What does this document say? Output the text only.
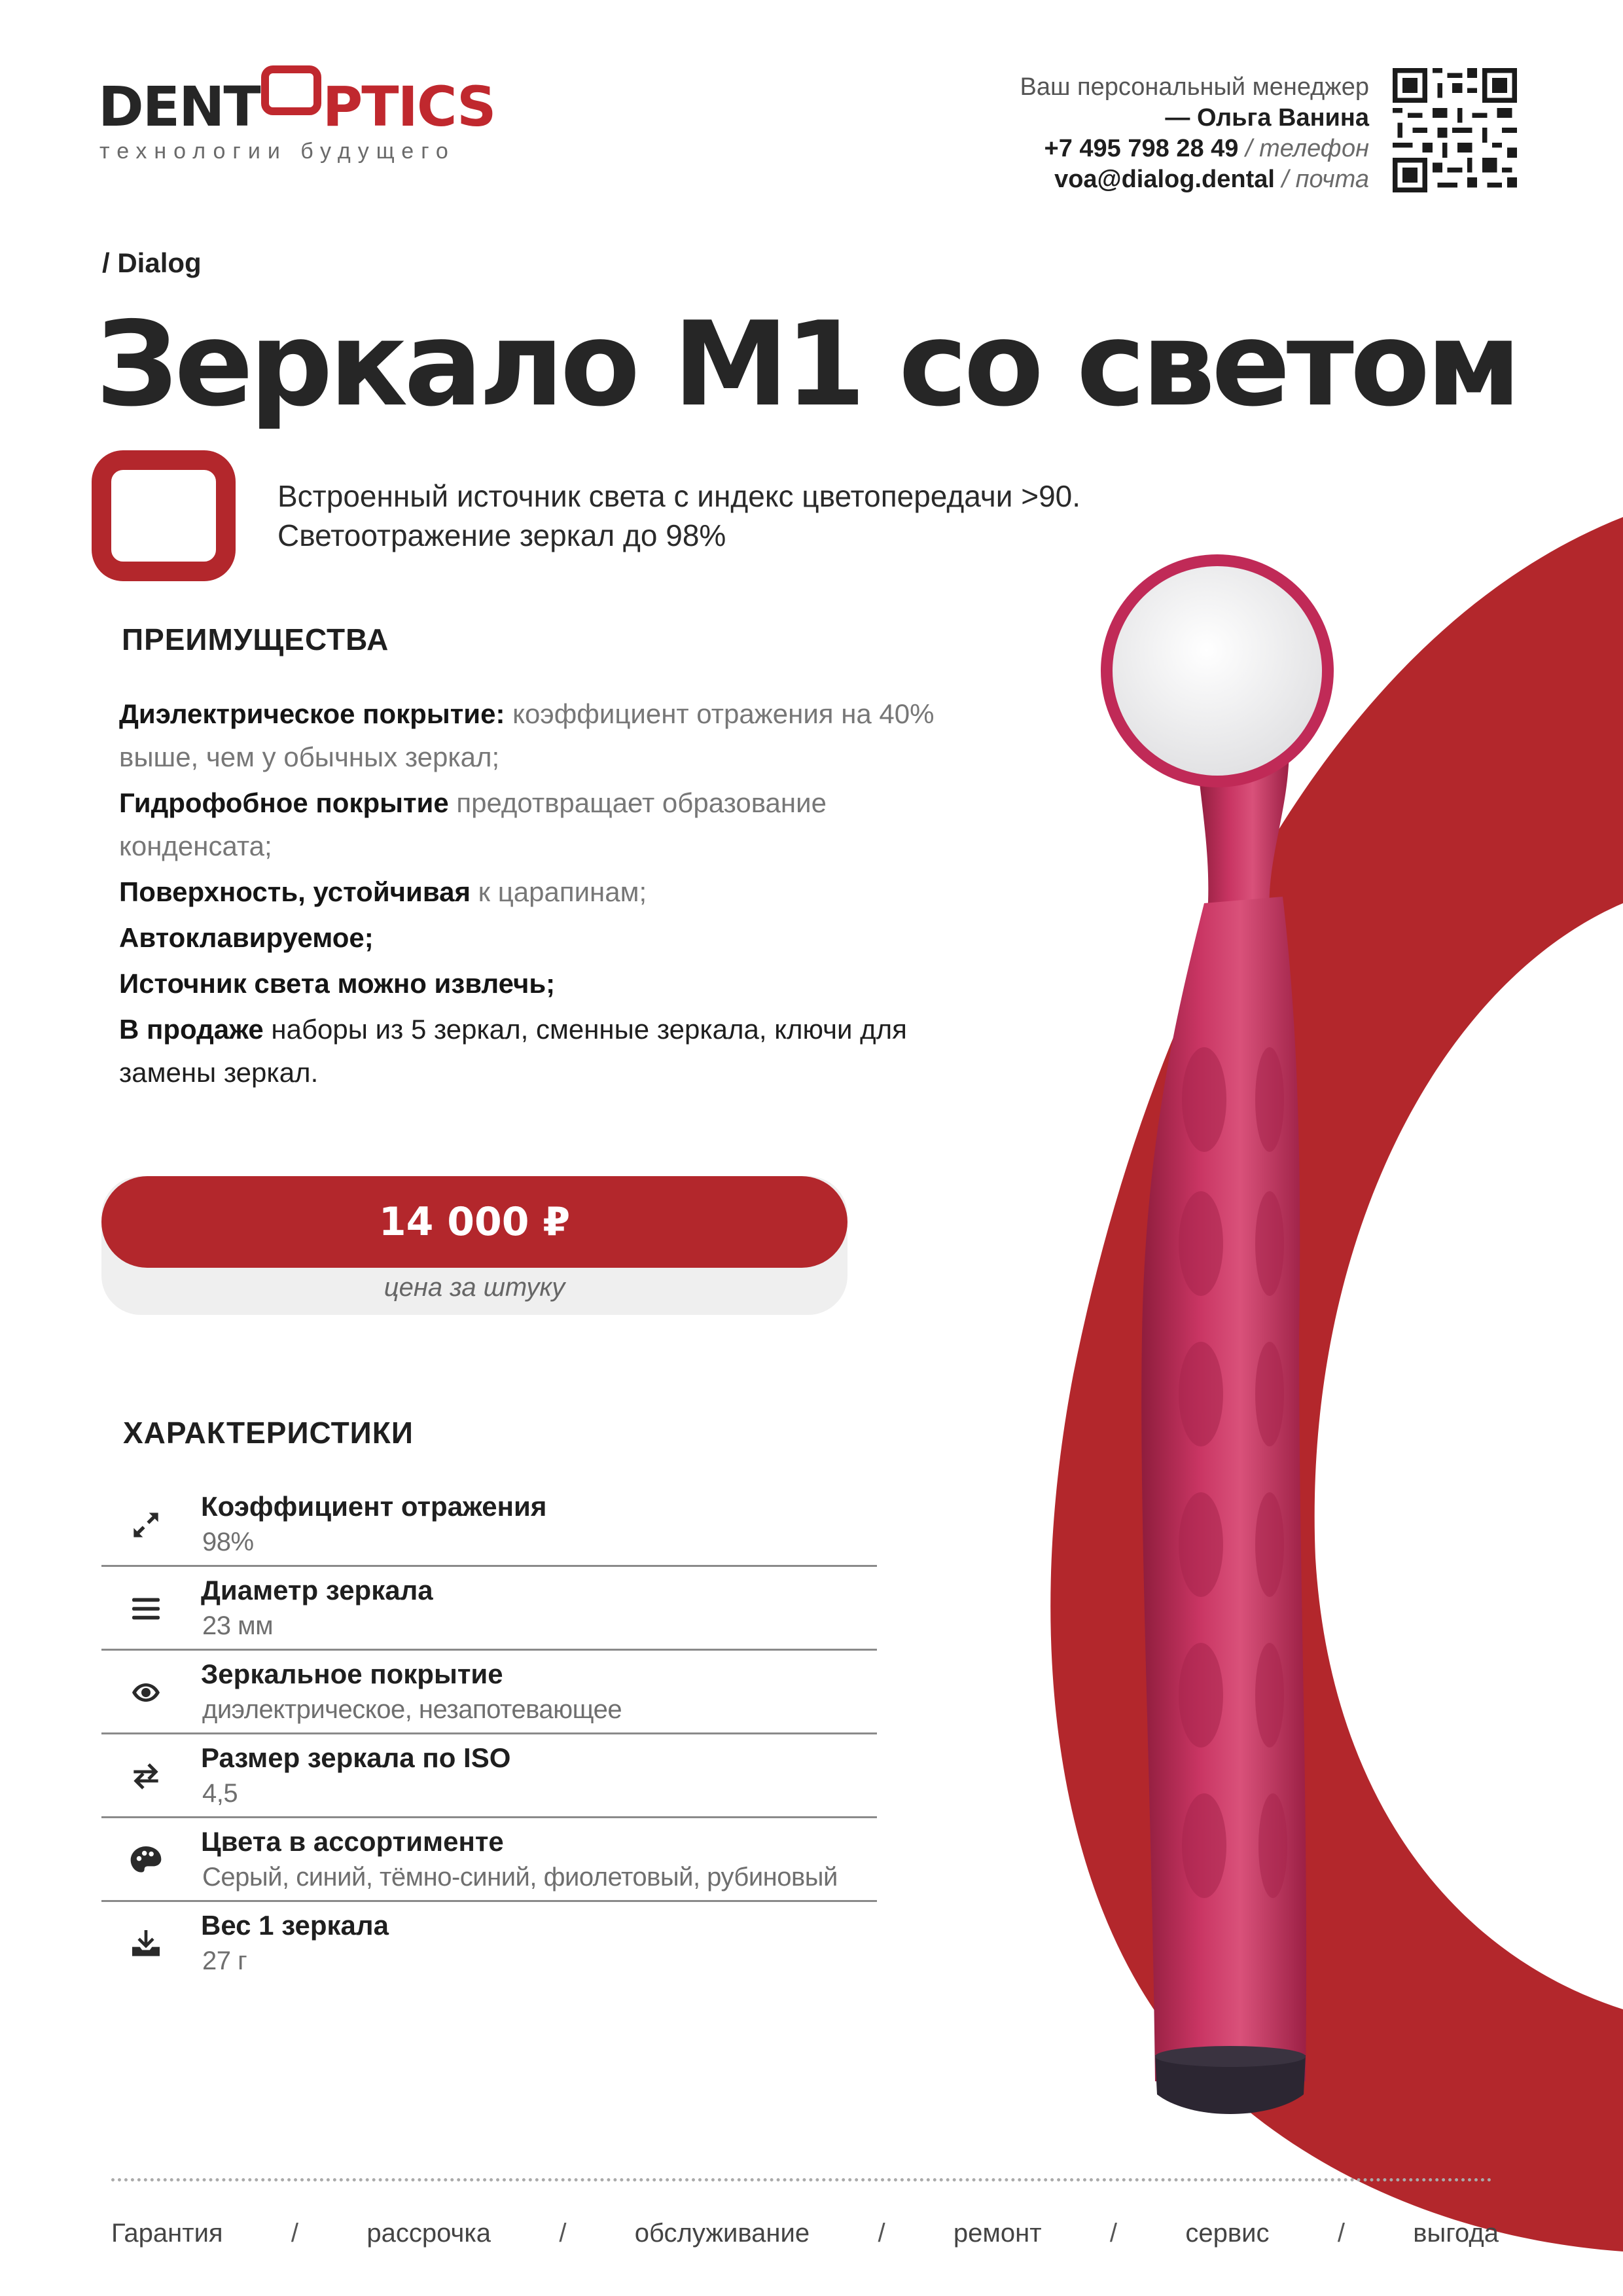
DENT PTICS
технологии будущего
Ваш персональный менеджер
— Ольга Ванина
+7 495 798 28 49 / телефон
voa@dialog.dental / почта
/ Dialog
Зеркало М1 со светом
Встроенный источник света с индекс цветопередачи >90.
Светоотражение зеркал до 98%
ПРЕИМУЩЕСТВА

Диэлектрическое покрытие: коэффициент отражения на 40% выше, чем у обычных зеркал;

Гидрофобное покрытие предотвращает образование конденсата;

Поверхность, устойчивая к царапинам;

Автоклавируемое;

Источник света можно извлечь;

В продаже наборы из 5 зеркал, сменные зеркала, ключи для замены зеркал.

14 000 ₽
цена за штуку
ХАРАКТЕРИСТИКИ
Коэффициент отражения
98%
Диаметр зеркала
23 мм
Зеркальное покрытие
диэлектрическое, незапотевающее
Размер зеркала по ISO
4,5
Цвета в ассортименте
Серый, синий, тёмно-синий, фиолетовый, рубиновый
Вес 1 зеркала
27 г
Гарантия	/	рассрочка	/	обслуживание	/	ремонт	/	сервис	/	выгода
